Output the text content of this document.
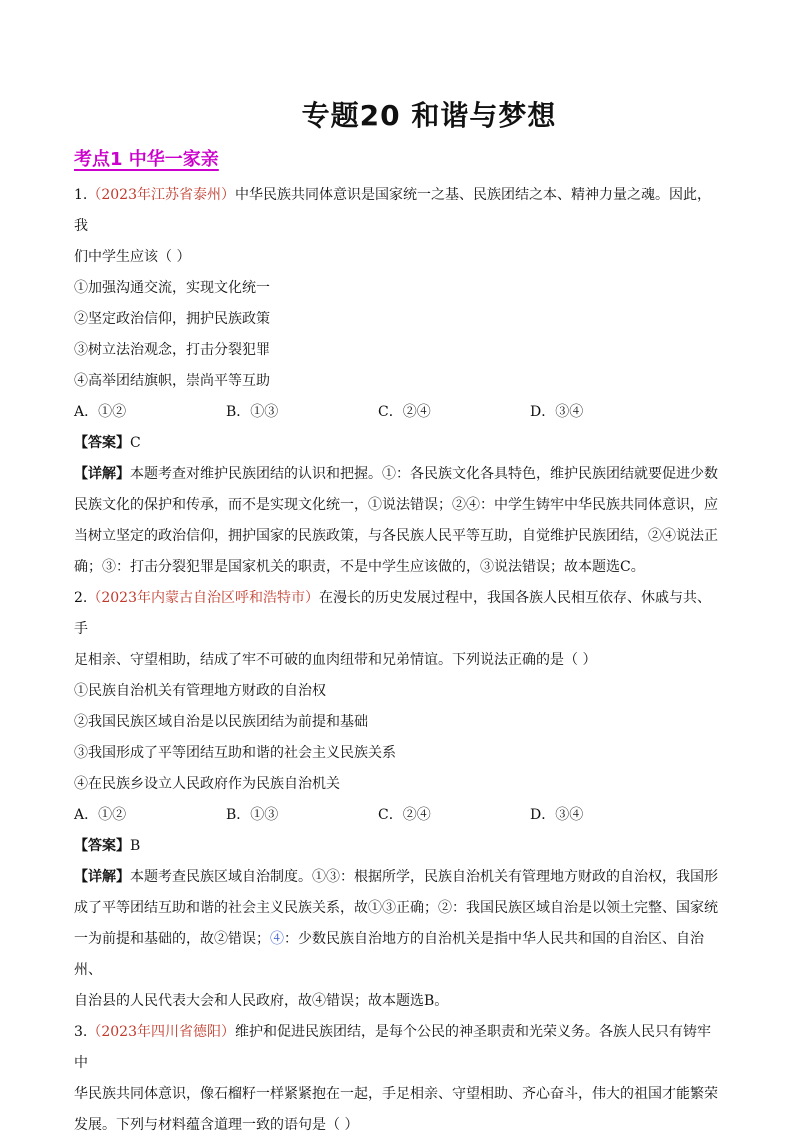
专题20 和谐与梦想
考点1 中华一家亲

1.（2023年江苏省泰州）中华民族共同体意识是国家统一之基、民族团结之本、精神力量之魂。因此，我

们中学生应该（ ）

①加强沟通交流，实现文化统一

②坚定政治信仰，拥护民族政策

③树立法治观念，打击分裂犯罪

④高举团结旗帜，崇尚平等互助

A．①②	B．①③	C．②④	D．③④

【答案】C

【详解】本题考查对维护民族团结的认识和把握。①：各民族文化各具特色，维护民族团结就要促进少数

民族文化的保护和传承，而不是实现文化统一，①说法错误；②④：中学生铸牢中华民族共同体意识，应

当树立坚定的政治信仰，拥护国家的民族政策，与各民族人民平等互助，自觉维护民族团结，②④说法正

确；③：打击分裂犯罪是国家机关的职责，不是中学生应该做的，③说法错误；故本题选C。

2.（2023年内蒙古自治区呼和浩特市）在漫长的历史发展过程中，我国各族人民相互依存、休戚与共、手

足相亲、守望相助，结成了牢不可破的血肉纽带和兄弟情谊。下列说法正确的是（ ）

①民族自治机关有管理地方财政的自治权

②我国民族区域自治是以民族团结为前提和基础

③我国形成了平等团结互助和谐的社会主义民族关系

④在民族乡设立人民政府作为民族自治机关

A．①②	B．①③	C．②④	D．③④

【答案】B

【详解】本题考查民族区域自治制度。①③：根据所学，民族自治机关有管理地方财政的自治权，我国形

成了平等团结互助和谐的社会主义民族关系，故①③正确；②：我国民族区域自治是以领土完整、国家统

一为前提和基础的，故②错误；④：少数民族自治地方的自治机关是指中华人民共和国的自治区、自治州、

自治县的人民代表大会和人民政府，故④错误；故本题选B。

3.（2023年四川省德阳）维护和促进民族团结，是每个公民的神圣职责和光荣义务。各族人民只有铸牢中

华民族共同体意识，像石榴籽一样紧紧抱在一起，手足相亲、守望相助、齐心奋斗，伟大的祖国才能繁荣

发展。下列与材料蕴含道理一致的语句是（ ）
